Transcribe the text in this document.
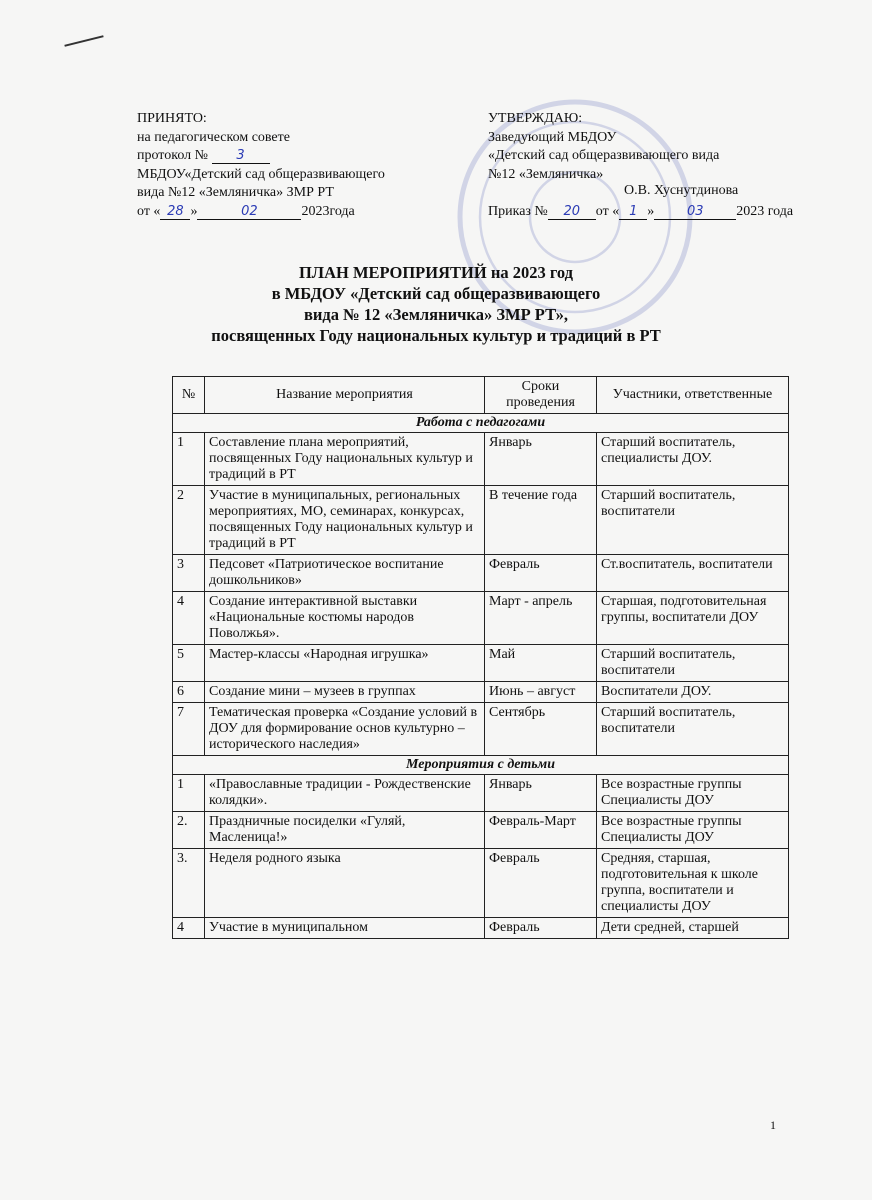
ПРИНЯТО:
на педагогическом совете
протокол № 3
МБДОУ«Детский сад общеразвивающего
вида №12 «Земляничка» ЗМР РТ
от « 28 »	02	2023года
УТВЕРЖДАЮ:
Заведующий МБДОУ
«Детский сад общеразвивающего вида
№12 «Земляничка»
Приказ № 20 от « 1 »	03 2023 года
О.В. Хуснутдинова
ПЛАН МЕРОПРИЯТИЙ на 2023 год
в МБДОУ «Детский сад общеразвивающего
вида № 12 «Земляничка» ЗМР РТ»,
посвященных Году национальных культур и традиций в РТ
№	Название мероприятия	Сроки проведения	Участники, ответственные
Работа с педагогами			
1	Составление плана мероприятий, посвященных Году национальных культур и традиций в РТ	Январь	Старший воспитатель, специалисты ДОУ.
2	Участие в муниципальных, региональных мероприятиях, МО, семинарах, конкурсах, посвященных Году национальных культур и традиций в РТ	В течение года	Старший воспитатель, воспитатели
3	Педсовет «Патриотическое воспитание дошкольников»	Февраль	Ст.воспитатель, воспитатели
4	Создание интерактивной выставки «Национальные костюмы народов Поволжья».	Март - апрель	Старшая, подготовительная группы, воспитатели ДОУ
5	Мастер-классы «Народная игрушка»	Май	Старший воспитатель, воспитатели
6	Создание мини – музеев в группах	Июнь – август	Воспитатели ДОУ.
7	Тематическая проверка «Создание условий в ДОУ для формирование основ культурно – исторического наследия»	Сентябрь	Старший воспитатель, воспитатели
Мероприятия с детьми			
1	«Православные традиции - Рождественские колядки».	Январь	Все возрастные группы Специалисты ДОУ
2.	Праздничные посиделки «Гуляй, Масленица!»	Февраль-Март	Все возрастные группы Специалисты ДОУ
3.	Неделя родного языка	Февраль	Средняя, старшая, подготовительная к школе группа, воспитатели и специалисты ДОУ
4	Участие в муниципальном	Февраль	Дети средней, старшей
1
